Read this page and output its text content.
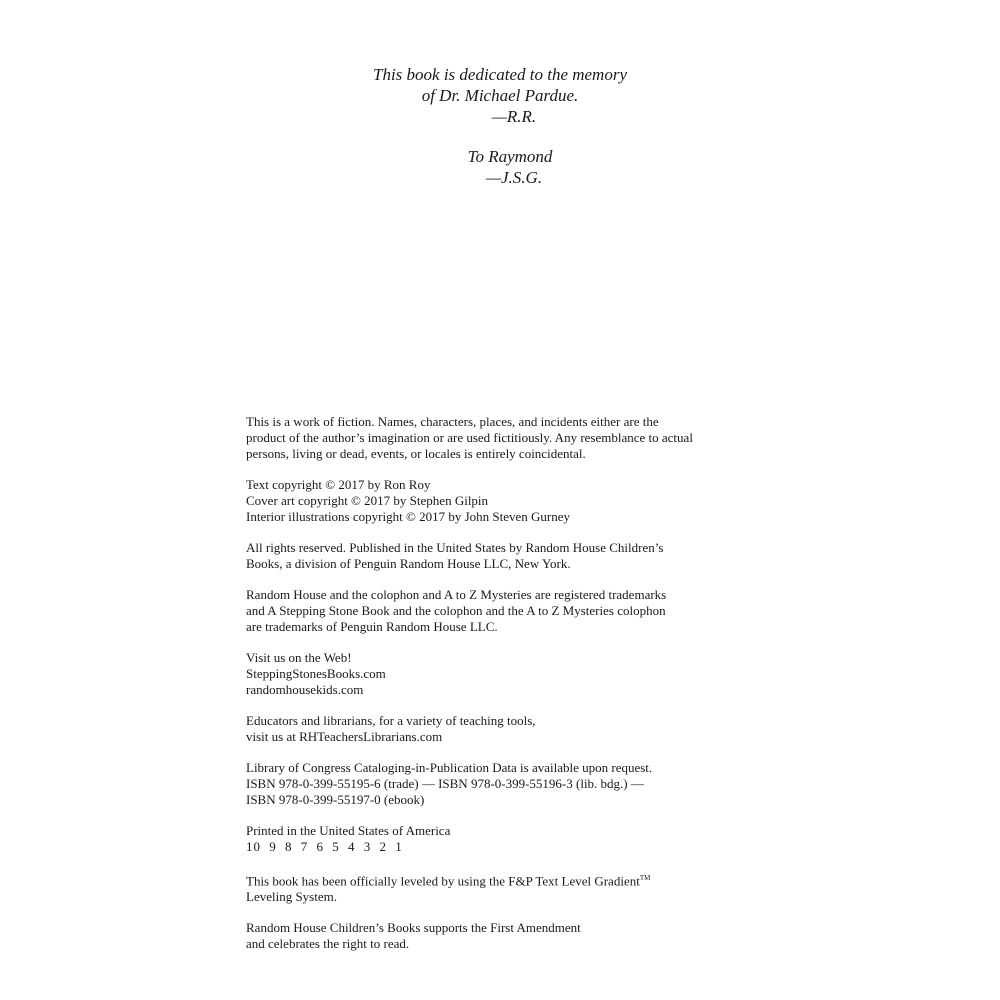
This book is dedicated to the memory
of Dr. Michael Pardue.
—R.R.
To Raymond
—J.S.G.

This is a work of fiction. Names, characters, places, and incidents either are the
product of the author’s imagination or are used fictitiously. Any resemblance to actual
persons, living or dead, events, or locales is entirely coincidental.

Text copyright © 2017 by Ron Roy
Cover art copyright © 2017 by Stephen Gilpin
Interior illustrations copyright © 2017 by John Steven Gurney

All rights reserved. Published in the United States by Random House Children’s
Books, a division of Penguin Random House LLC, New York.

Random House and the colophon and A to Z Mysteries are registered trademarks
and A Stepping Stone Book and the colophon and the A to Z Mysteries colophon
are trademarks of Penguin Random House LLC.

Visit us on the Web!
SteppingStonesBooks.com
randomhousekids.com

Educators and librarians, for a variety of teaching tools,
visit us at RHTeachersLibrarians.com

Library of Congress Cataloging-in-Publication Data is available upon request.
ISBN 978-0-399-55195-6 (trade) — ISBN 978-0-399-55196-3 (lib. bdg.) —
ISBN 978-0-399-55197-0 (ebook)

Printed in the United States of America
10 9 8 7 6 5 4 3 2 1

This book has been officially leveled by using the F&P Text Level Gradient™
Leveling System.

Random House Children’s Books supports the First Amendment
and celebrates the right to read.
